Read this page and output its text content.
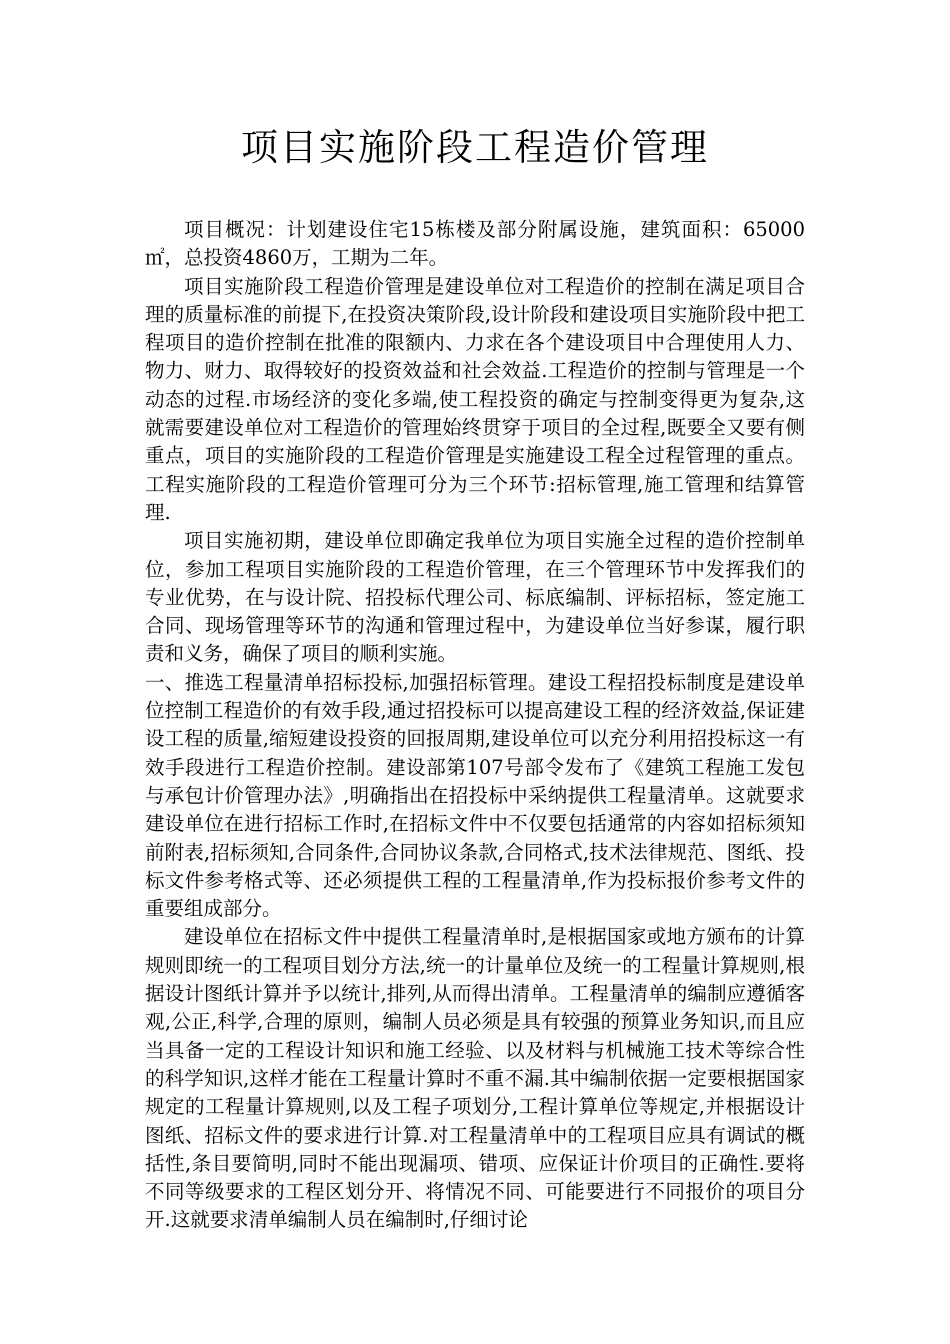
项目实施阶段工程造价管理

项目概况：计划建设住宅15栋楼及部分附属设施，建筑面积：65000㎡，总投资4860万，工期为二年。

项目实施阶段工程造价管理是建设单位对工程造价的控制在满足项目合理的质量标准的前提下,在投资决策阶段,设计阶段和建设项目实施阶段中把工程项目的造价控制在批准的限额内、力求在各个建设项目中合理使用人力、物力、财力、取得较好的投资效益和社会效益.工程造价的控制与管理是一个动态的过程.市场经济的变化多端,使工程投资的确定与控制变得更为复杂,这就需要建设单位对工程造价的管理始终贯穿于项目的全过程,既要全又要有侧重点，项目的实施阶段的工程造价管理是实施建设工程全过程管理的重点。工程实施阶段的工程造价管理可分为三个环节:招标管理,施工管理和结算管理.

项目实施初期，建设单位即确定我单位为项目实施全过程的造价控制单位，参加工程项目实施阶段的工程造价管理，在三个管理环节中发挥我们的专业优势，在与设计院、招投标代理公司、标底编制、评标招标，签定施工合同、现场管理等环节的沟通和管理过程中，为建设单位当好参谋，履行职责和义务，确保了项目的顺利实施。

一、推选工程量清单招标投标,加强招标管理。建设工程招投标制度是建设单位控制工程造价的有效手段,通过招投标可以提高建设工程的经济效益,保证建设工程的质量,缩短建设投资的回报周期,建设单位可以充分利用招投标这一有效手段进行工程造价控制。建设部第107号部令发布了《建筑工程施工发包与承包计价管理办法》,明确指出在招投标中采纳提供工程量清单。这就要求建设单位在进行招标工作时,在招标文件中不仅要包括通常的内容如招标须知前附表,招标须知,合同条件,合同协议条款,合同格式,技术法律规范、图纸、投标文件参考格式等、还必须提供工程的工程量清单,作为投标报价参考文件的重要组成部分。

建设单位在招标文件中提供工程量清单时,是根据国家或地方颁布的计算规则即统一的工程项目划分方法,统一的计量单位及统一的工程量计算规则,根据设计图纸计算并予以统计,排列,从而得出清单。工程量清单的编制应遵循客观,公正,科学,合理的原则，编制人员必须是具有较强的预算业务知识,而且应当具备一定的工程设计知识和施工经验、以及材料与机械施工技术等综合性的科学知识,这样才能在工程量计算时不重不漏.其中编制依据一定要根据国家规定的工程量计算规则,以及工程子项划分,工程计算单位等规定,并根据设计图纸、招标文件的要求进行计算.对工程量清单中的工程项目应具有调试的概括性,条目要简明,同时不能出现漏项、错项、应保证计价项目的正确性.要将不同等级要求的工程区划分开、将情况不同、可能要进行不同报价的项目分开.这就要求清单编制人员在编制时,仔细讨论
